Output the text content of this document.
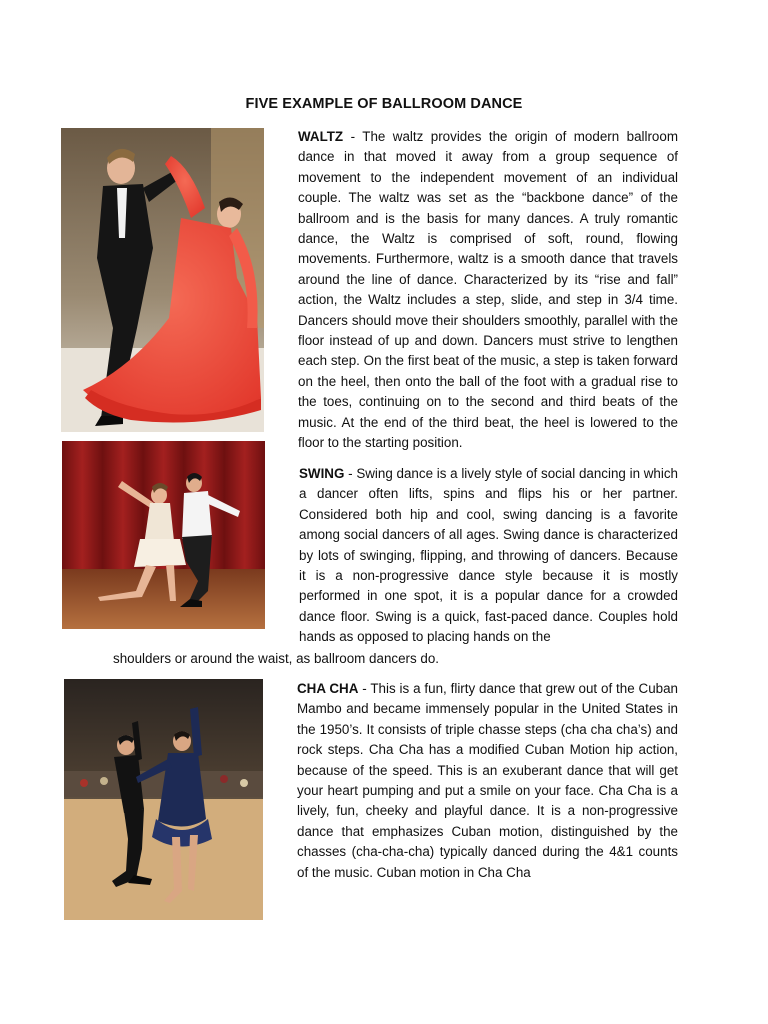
FIVE EXAMPLE OF BALLROOM DANCE

WALTZ - The waltz provides the origin of modern ballroom dance in that moved it away from a group sequence of movement to the independent movement of an individual couple. The waltz was set as the “backbone dance” of the ballroom and is the basis for many dances. A truly romantic dance, the Waltz is comprised of soft, round, flowing movements. Furthermore, waltz is a smooth dance that travels around the line of dance. Characterized by its “rise and fall” action, the Waltz includes a step, slide, and step in 3/4 time. Dancers should move their shoulders smoothly, parallel with the floor instead of up and down. Dancers must strive to lengthen each step. On the first beat of the music, a step is taken forward on the heel, then onto the ball of the foot with a gradual rise to the toes, continuing on to the second and third beats of the music. At the end of the third beat, the heel is lowered to the floor to the starting position.

SWING - Swing dance is a lively style of social dancing in which a dancer often lifts, spins and flips his or her partner. Considered both hip and cool, swing dancing is a favorite among social dancers of all ages. Swing dance is characterized by lots of swinging, flipping, and throwing of dancers. Because it is a non-progressive dance style because it is mostly performed in one spot, it is a popular dance for a crowded dance floor. Swing is a quick, fast-paced dance. Couples hold hands as opposed to placing hands on the

shoulders or around the waist, as ballroom dancers do.

CHA CHA - This is a fun, flirty dance that grew out of the Cuban Mambo and became immensely popular in the United States in the 1950’s. It consists of triple chasse steps (cha cha cha’s) and rock steps. Cha Cha has a modified Cuban Motion hip action, because of the speed. This is an exuberant dance that will get your heart pumping and put a smile on your face. Cha Cha is a lively, fun, cheeky and playful dance. It is a non-progressive dance that emphasizes Cuban motion, distinguished by the chasses (cha-cha-cha) typically danced during the 4&1 counts of the music. Cuban motion in Cha Cha
